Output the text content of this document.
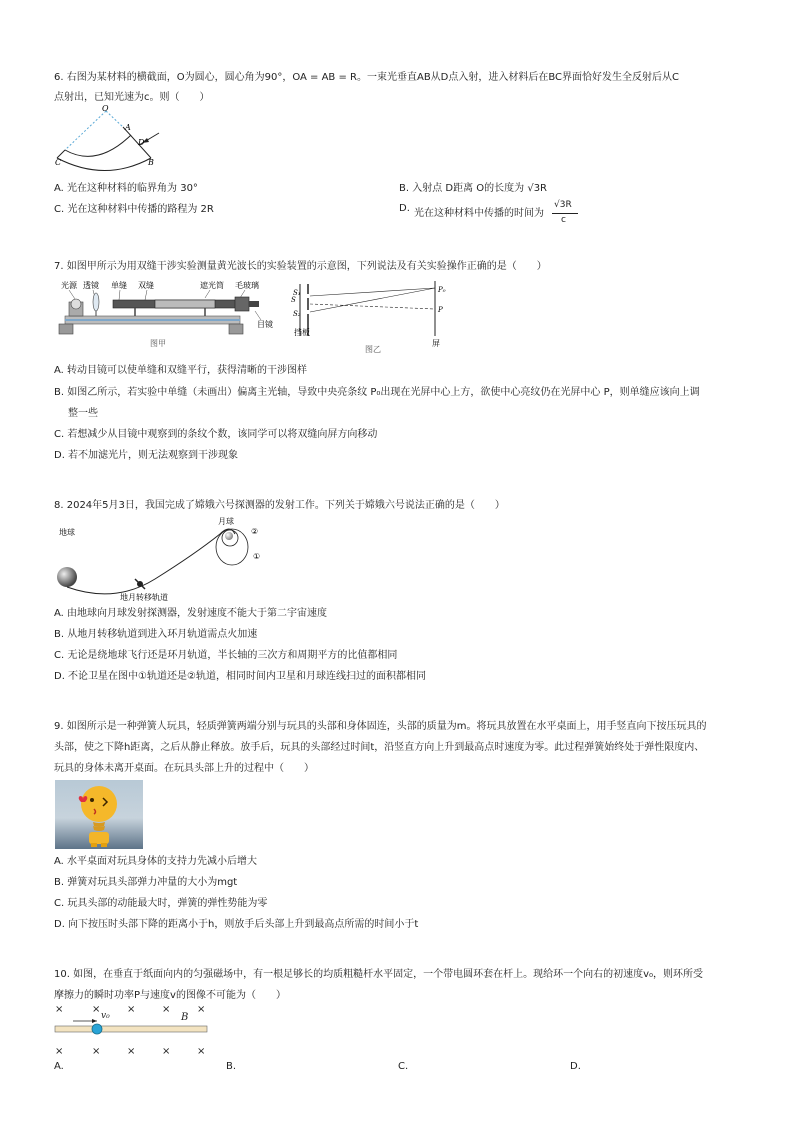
6. 右图为某材料的横截面，O为圆心，圆心角为90°，OA = AB = R。一束光垂直AB从D点入射，进入材料后在BC界面恰好发生全反射后从C
点射出，已知光速为c。则（　　）
O
A
D
B
C
A. 光在这种材料的临界角为 30°	B. 入射点 D距离 O的长度为 √3R
C. 光在这种材料中传播的路程为 2R	D. 光在这种材料中传播的时间为
√3R
c
7. 如图甲所示为用双缝干涉实验测量黄光波长的实验装置的示意图，下列说法及有关实验操作正确的是（　　）
光源 透镜 单缝 双缝	遮光筒 毛玻璃
目镜
图甲
S
S₁
S₂
P₀
P
挡板
屏
图乙
A. 转动目镜可以使单缝和双缝平行，获得清晰的干涉图样
B. 如图乙所示，若实验中单缝（未画出）偏离主光轴，导致中央亮条纹 P₀出现在光屏中心上方，欲使中心亮纹仍在光屏中心 P，则单缝应该向上调
整一些
C. 若想减少从目镜中观察到的条纹个数，该同学可以将双缝向屏方向移动
D. 若不加滤光片，则无法观察到干涉现象
8. 2024年5月3日，我国完成了嫦娥六号探测器的发射工作。下列关于嫦娥六号说法正确的是（　　）
地球
月球
②
①
地月转移轨道
A. 由地球向月球发射探测器，发射速度不能大于第二宇宙速度
B. 从地月转移轨道到进入环月轨道需点火加速
C. 无论是绕地球飞行还是环月轨道，半长轴的三次方和周期平方的比值都相同
D. 不论卫星在图中①轨道还是②轨道，相同时间内卫星和月球连线扫过的面积都相同
9. 如图所示是一种弹簧人玩具，轻质弹簧两端分别与玩具的头部和身体固连，头部的质量为m。将玩具放置在水平桌面上，用手竖直向下按压玩具的
头部，使之下降h距离，之后从静止释放。放手后，玩具的头部经过时间t，沿竖直方向上升到最高点时速度为零。此过程弹簧始终处于弹性限度内、
玩具的身体未离开桌面。在玩具头部上升的过程中（　　）
A. 水平桌面对玩具身体的支持力先减小后增大
B. 弹簧对玩具头部弹力冲量的大小为mgt
C. 玩具头部的动能最大时，弹簧的弹性势能为零
D. 向下按压时头部下降的距离小于h，则放手后头部上升到最高点所需的时间小于t
10. 如图，在垂直于纸面向内的匀强磁场中，有一根足够长的均质粗糙杆水平固定，一个带电圆环套在杆上。现给环一个向右的初速度v₀，则环所受
摩擦力的瞬时功率P与速度v的图像不可能为（　　）
×	×	×	×	×
v₀	B
×	×	×	×	×
A.	B.	C.	D.
